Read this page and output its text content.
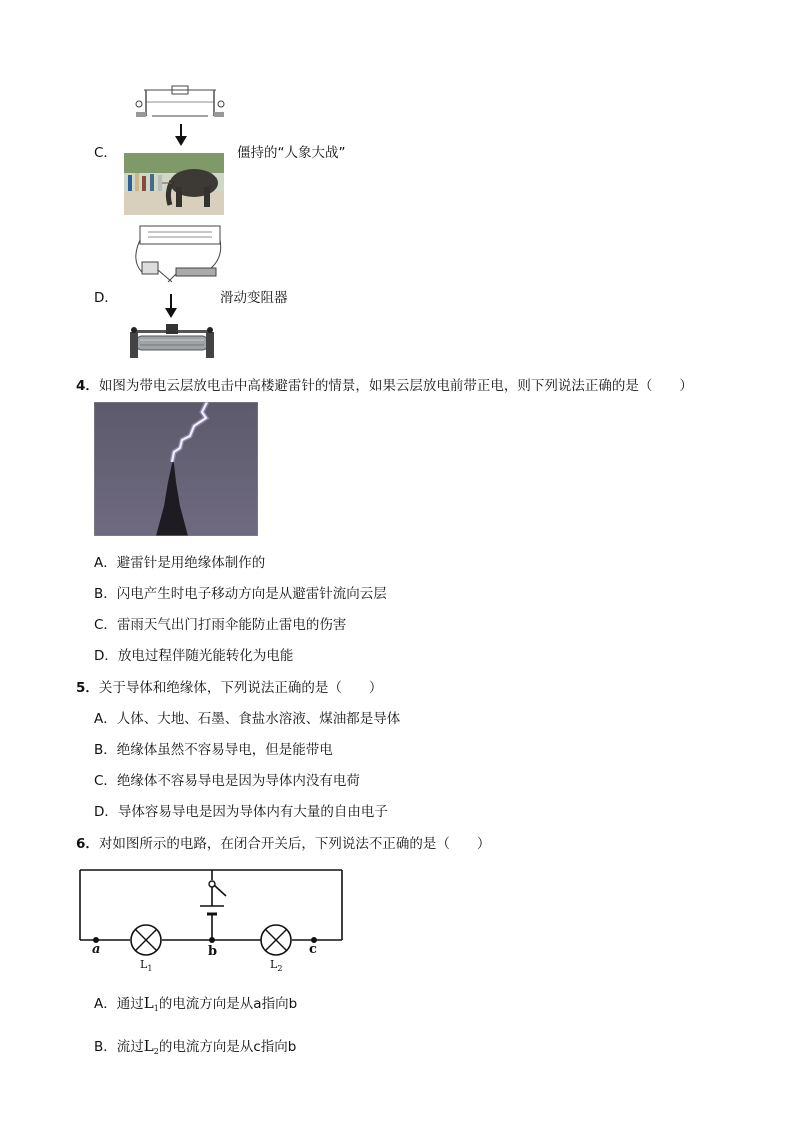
C．	僵持的“人象大战”
D．	滑动变阻器
4．如图为带电云层放电击中高楼避雷针的情景，如果云层放电前带正电，则下列说法正确的是（　　）
A．避雷针是用绝缘体制作的
B．闪电产生时电子移动方向是从避雷针流向云层
C．雷雨天气出门打雨伞能防止雷电的伤害
D．放电过程伴随光能转化为电能
5．关于导体和绝缘体，下列说法正确的是（　　）
A．人体、大地、石墨、食盐水溶液、煤油都是导体
B．绝缘体虽然不容易导电，但是能带电
C．绝缘体不容易导电是因为导体内没有电荷
D．导体容易导电是因为导体内有大量的自由电子
6．对如图所示的电路，在闭合开关后，下列说法不正确的是（　　）
a	b	c
$L_1$	$L_2$
A．通过$L_1$的电流方向是从a指向b
B．流过$L_2$的电流方向是从c指向b
